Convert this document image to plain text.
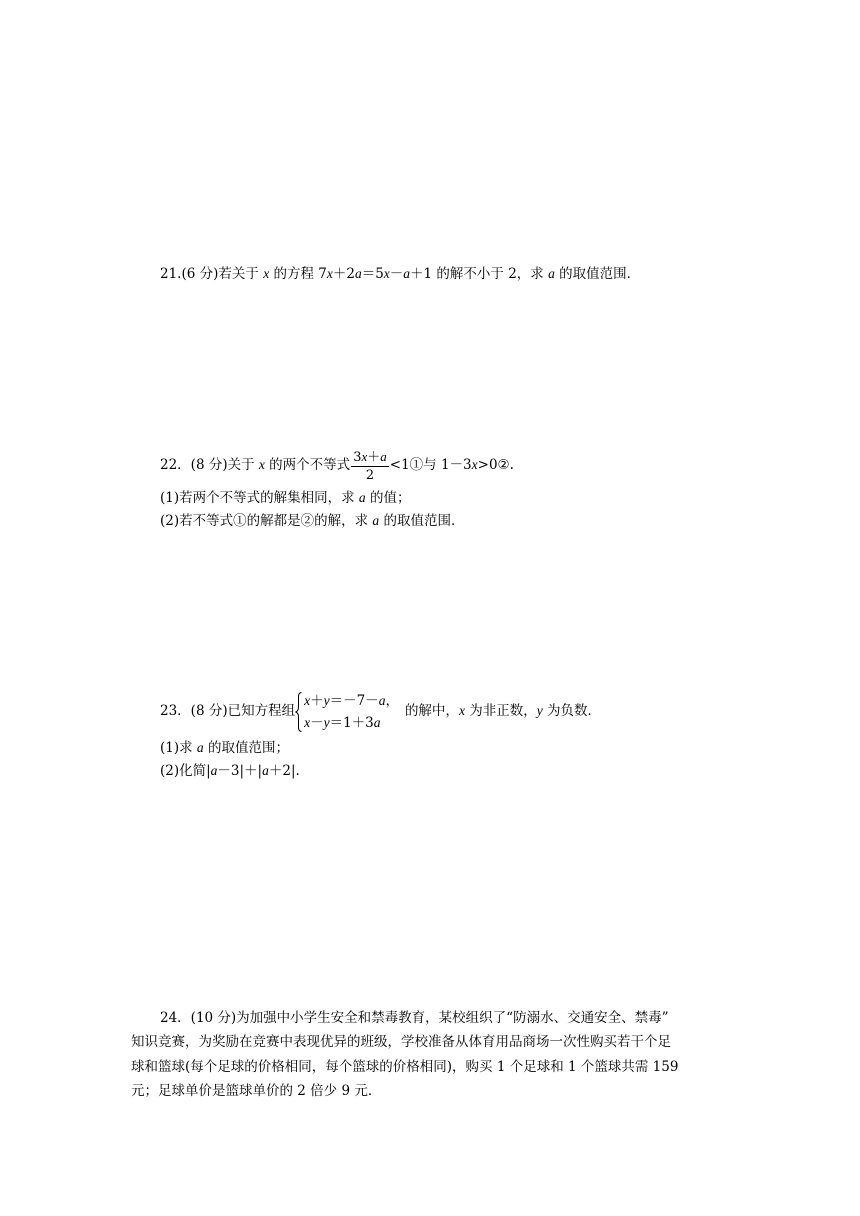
21.(6 分)若关于 x 的方程 7x＋2a＝5x－a＋1 的解不小于 2，求 a 的取值范围．
22．(8 分)关于 x 的两个不等式 $\frac{3x+a}{2}$ <1①与 1－3x>0②.
(1)若两个不等式的解集相同，求 a 的值；
(2)若不等式①的解都是②的解，求 a 的取值范围．
23．(8 分)已知方程组
x＋y＝－7－a，
x－y＝1＋3a
的解中，x 为非正数，y 为负数．
(1)求 a 的取值范围；
(2)化简|a－3|＋|a＋2|.
24．(10 分)为加强中小学生安全和禁毒教育，某校组织了“防溺水、交通安全、禁毒”
知识竞赛，为奖励在竞赛中表现优异的班级，学校准备从体育用品商场一次性购买若干个足
球和篮球(每个足球的价格相同，每个篮球的价格相同)，购买 1 个足球和 1 个篮球共需 159
元；足球单价是篮球单价的 2 倍少 9 元．
